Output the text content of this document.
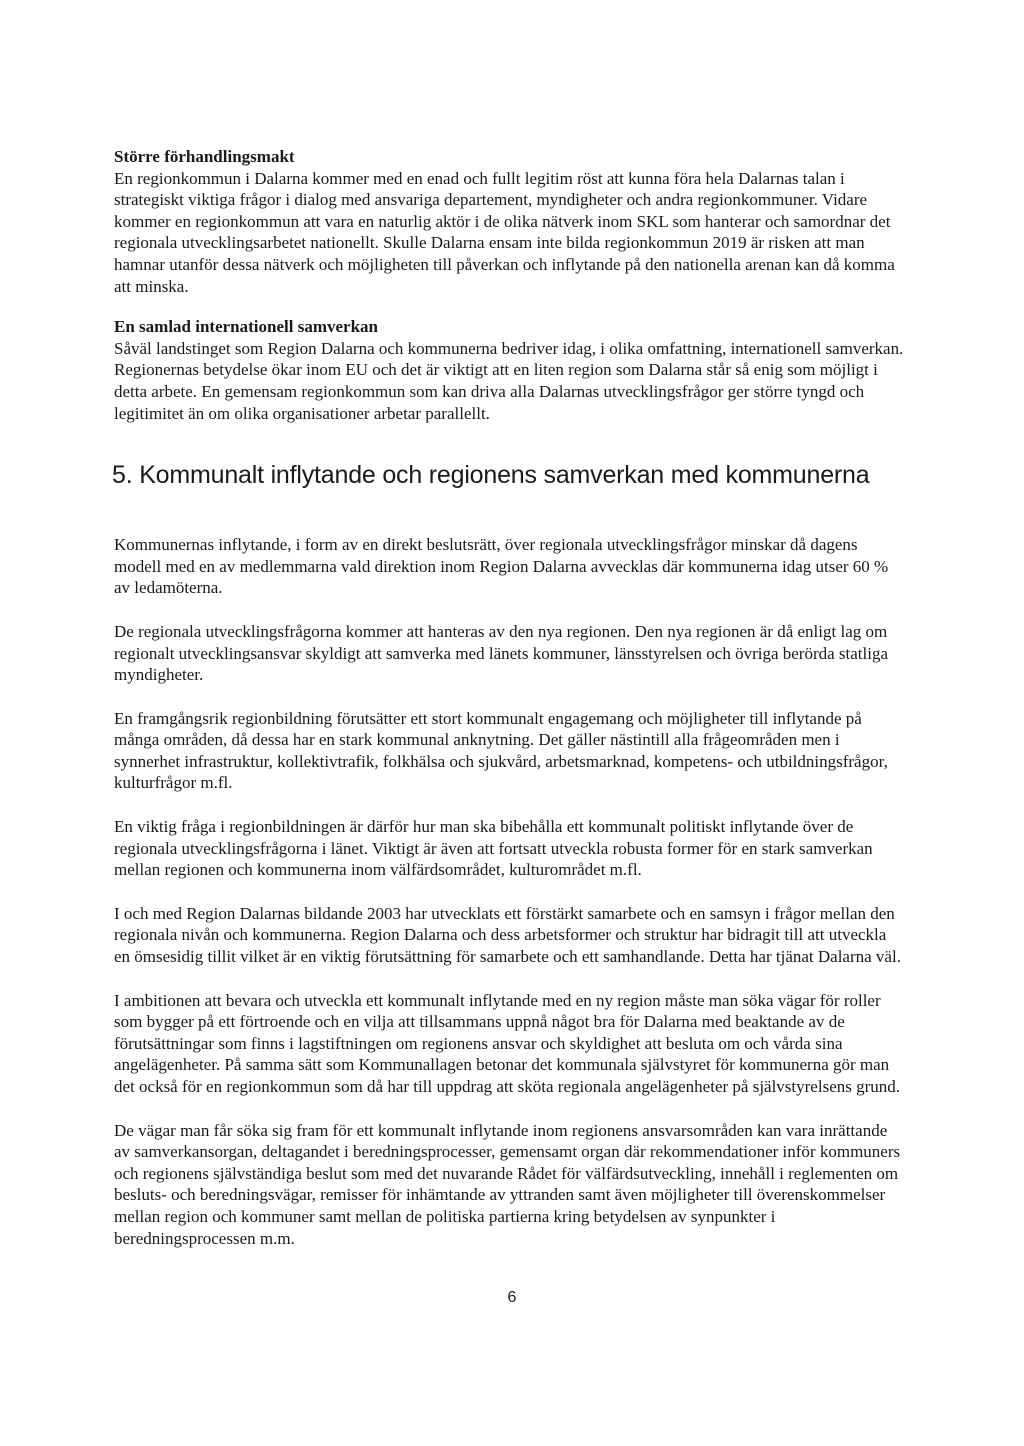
Större förhandlingsmakt

En regionkommun i Dalarna kommer med en enad och fullt legitim röst att kunna föra hela Dalarnas talan i strategiskt viktiga frågor i dialog med ansvariga departement, myndigheter och andra regionkommuner. Vidare kommer en regionkommun att vara en naturlig aktör i de olika nätverk inom SKL som hanterar och samordnar det regionala utvecklingsarbetet nationellt. Skulle Dalarna ensam inte bilda regionkommun 2019 är risken att man hamnar utanför dessa nätverk och möjligheten till påverkan och inflytande på den nationella arenan kan då komma att minska.

En samlad internationell samverkan

Såväl landstinget som Region Dalarna och kommunerna bedriver idag, i olika omfattning, internationell samverkan. Regionernas betydelse ökar inom EU och det är viktigt att en liten region som Dalarna står så enig som möjligt i detta arbete. En gemensam regionkommun som kan driva alla Dalarnas utvecklingsfrågor ger större tyngd och legitimitet än om olika organisationer arbetar parallellt.

5. Kommunalt inflytande och regionens samverkan med kommunerna

Kommunernas inflytande, i form av en direkt beslutsrätt, över regionala utvecklingsfrågor minskar då dagens modell med en av medlemmarna vald direktion inom Region Dalarna avvecklas där kommunerna idag utser 60 % av ledamöterna.

De regionala utvecklingsfrågorna kommer att hanteras av den nya regionen. Den nya regionen är då enligt lag om regionalt utvecklingsansvar skyldigt att samverka med länets kommuner, länsstyrelsen och övriga berörda statliga myndigheter.

En framgångsrik regionbildning förutsätter ett stort kommunalt engagemang och möjligheter till inflytande på många områden, då dessa har en stark kommunal anknytning. Det gäller nästintill alla frågeområden men i synnerhet infrastruktur, kollektivtrafik, folkhälsa och sjukvård, arbetsmarknad, kompetens- och utbildningsfrågor, kulturfrågor m.fl.

En viktig fråga i regionbildningen är därför hur man ska bibehålla ett kommunalt politiskt inflytande över de regionala utvecklingsfrågorna i länet. Viktigt är även att fortsatt utveckla robusta former för en stark samverkan mellan regionen och kommunerna inom välfärdsområdet, kulturområdet m.fl.

I och med Region Dalarnas bildande 2003 har utvecklats ett förstärkt samarbete och en samsyn i frågor mellan den regionala nivån och kommunerna. Region Dalarna och dess arbetsformer och struktur har bidragit till att utveckla en ömsesidig tillit vilket är en viktig förutsättning för samarbete och ett samhandlande. Detta har tjänat Dalarna väl.

I ambitionen att bevara och utveckla ett kommunalt inflytande med en ny region måste man söka vägar för roller som bygger på ett förtroende och en vilja att tillsammans uppnå något bra för Dalarna med beaktande av de förutsättningar som finns i lagstiftningen om regionens ansvar och skyldighet att besluta om och vårda sina angelägenheter. På samma sätt som Kommunallagen betonar det kommunala självstyret för kommunerna gör man det också för en regionkommun som då har till uppdrag att sköta regionala angelägenheter på självstyrelsens grund.

De vägar man får söka sig fram för ett kommunalt inflytande inom regionens ansvarsområden kan vara inrättande av samverkansorgan, deltagandet i beredningsprocesser, gemensamt organ där rekommendationer inför kommuners och regionens självständiga beslut som med det nuvarande Rådet för välfärdsutveckling, innehåll i reglementen om besluts- och beredningsvägar, remisser för inhämtande av yttranden samt även möjligheter till överenskommelser mellan region och kommuner samt mellan de politiska partierna kring betydelsen av synpunkter i beredningsprocessen m.m.

6
